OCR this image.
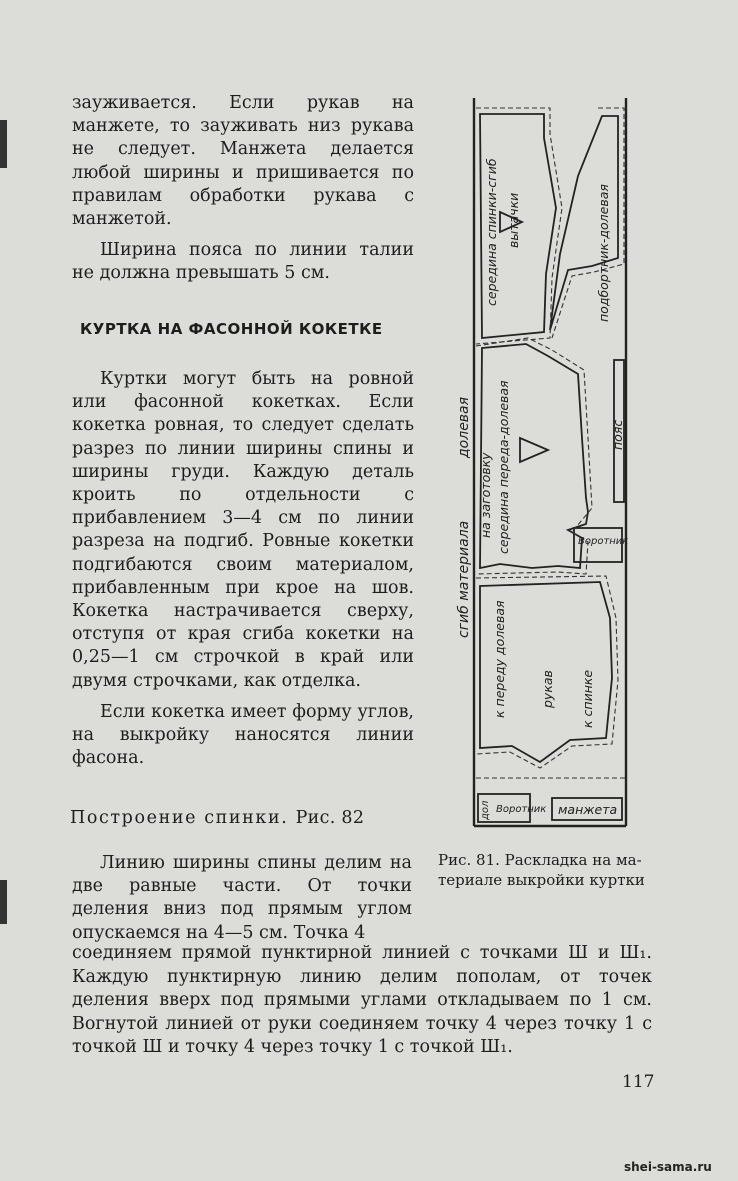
зауживается. Если рукав на манжете, то зауживать низ рукава не следует. Манжета делается любой ширины и пришивается по правилам обработки рукава с манжетой.

Ширина пояса по линии талии не должна превышать 5 см.

КУРТКА НА ФАСОННОЙ КОКЕТКЕ

Куртки могут быть на ровной или фасонной кокетках. Если кокетка ровная, то следует сделать разрез по линии ширины спины и ширины груди. Каждую деталь кроить по отдельности с прибавлением 3—4 см по линии разреза на подгиб. Ровные кокетки подгибаются своим материалом, прибавленным при крое на шов. Кокетка настрачивается сверху, отступя от края сгиба кокетки на 0,25—1 см строчкой в край или двумя строчками, как отделка.

Если кокетка имеет форму углов, на выкройку наносятся линии фасона.

Построение спинки. Рис. 82

Линию ширины спины делим на две равные части. От точки деления вниз под прямым углом опускаемся на 4—5 см. Точка 4

соединяем прямой пунктирной линией с точками Ш и Ш₁. Каждую пунктирную линию делим пополам, от точек деления вверх под прямыми углами откладываем по 1 см. Вогнутой линией от руки соединяем точку 4 через точку 1 с точкой Ш и точку 4 через точку 1 с точкой Ш₁.

Рис. 81. Раскладка на ма-
териале выкройки куртки
середина спинки-сгиб вытачки	подбортник-долевая
сгиб материала
долевая
на заготовку середина переда-долевая	пояс
Воротник
к переду долевая	рукав к спинке
манжета
Воротник
дол
117
shei-sama.ru
